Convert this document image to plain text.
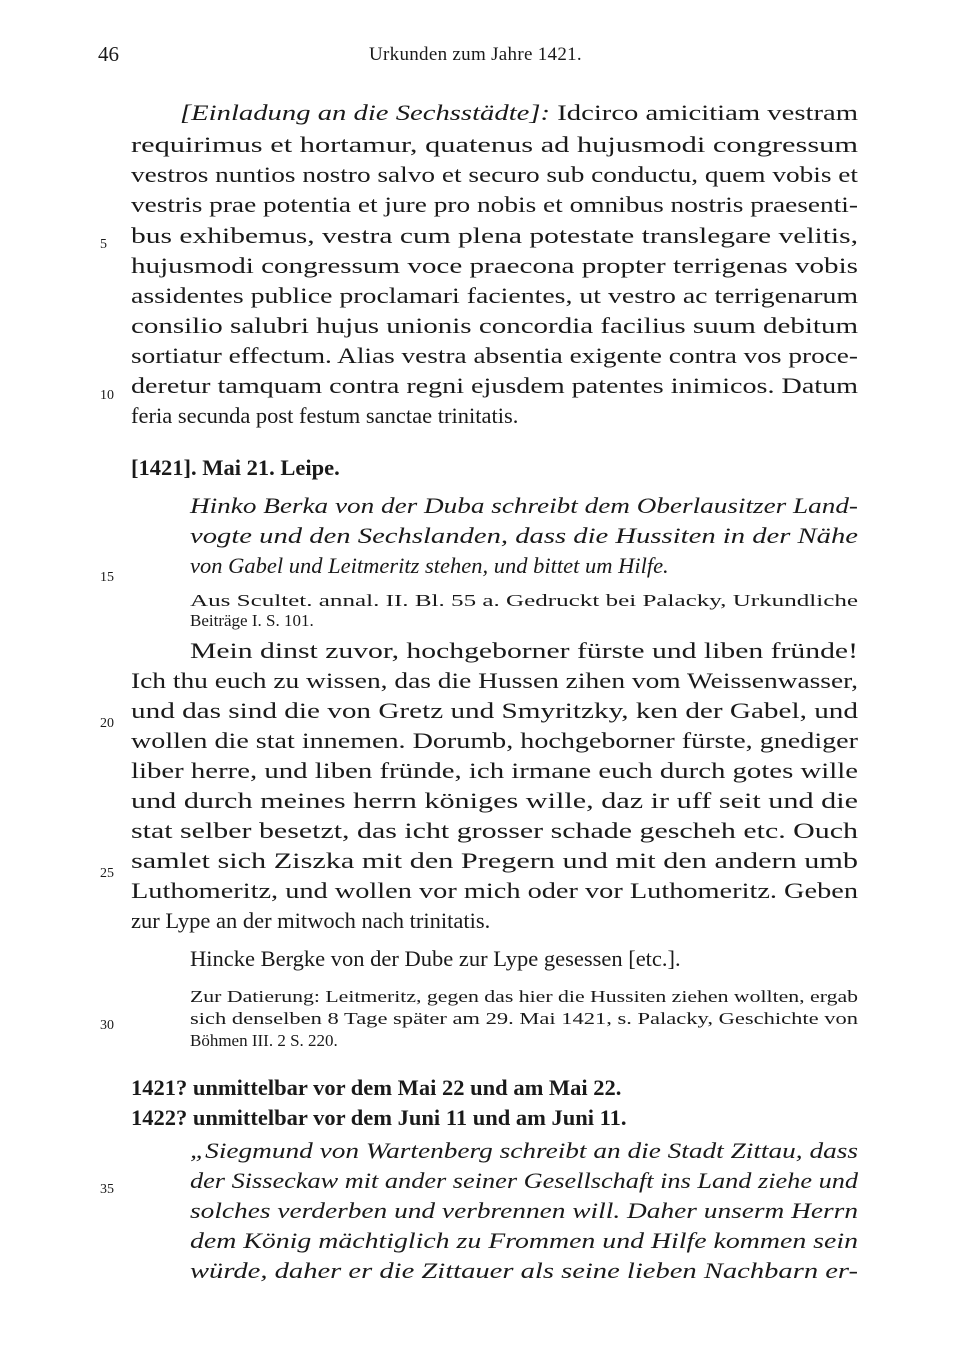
46	Urkunden zum Jahre 1421.
5
10
15
20
25
30
35
[Einladung an die Sechsstädte]: Idcirco amicitiam vestram
requirimus et hortamur, quatenus ad hujusmodi congressum
vestros nuntios nostro salvo et securo sub conductu, quem vobis et
vestris prae potentia et jure pro nobis et omnibus nostris praesenti-
bus exhibemus, vestra cum plena potestate translegare velitis,
hujusmodi congressum voce praecona propter terrigenas vobis
assidentes publice proclamari facientes, ut vestro ac terrigenarum
consilio salubri hujus unionis concordia facilius suum debitum
sortiatur effectum. Alias vestra absentia exigente contra vos proce-
deretur tamquam contra regni ejusdem patentes inimicos. Datum
feria secunda post festum sanctae trinitatis.
[1421]. Mai 21. Leipe.
Hinko Berka von der Duba schreibt dem Oberlausitzer Land-
vogte und den Sechslanden, dass die Hussiten in der Nähe
von Gabel und Leitmeritz stehen, und bittet um Hilfe.
Aus Scultet. annal. II. Bl. 55 a. Gedruckt bei Palacky, Urkundliche
Beiträge I. S. 101.
Mein dinst zuvor, hochgeborner fürste und liben fründe!
Ich thu euch zu wissen, das die Hussen zihen vom Weissenwasser,
und das sind die von Gretz und Smyritzky, ken der Gabel, und
wollen die stat innemen. Dorumb, hochgeborner fürste, gnediger
liber herre, und liben fründe, ich irmane euch durch gotes wille
und durch meines herrn königes wille, daz ir uff seit und die
stat selber besetzt, das icht grosser schade gescheh etc. Ouch
samlet sich Ziszka mit den Pregern und mit den andern umb
Luthomeritz, und wollen vor mich oder vor Luthomeritz. Geben
zur Lype an der mitwoch nach trinitatis.
Hincke Bergke von der Dube zur Lype gesessen [etc.].
Zur Datierung: Leitmeritz, gegen das hier die Hussiten ziehen wollten, ergab
sich denselben 8 Tage später am 29. Mai 1421, s. Palacky, Geschichte von
Böhmen III. 2 S. 220.
1421? unmittelbar vor dem Mai 22 und am Mai 22.
1422? unmittelbar vor dem Juni 11 und am Juni 11.
„Siegmund von Wartenberg schreibt an die Stadt Zittau, dass
der Sisseckaw mit ander seiner Gesellschaft ins Land ziehe und
solches verderben und verbrennen will. Daher unserm Herrn
dem König mächtiglich zu Frommen und Hilfe kommen sein
würde, daher er die Zittauer als seine lieben Nachbarn er-
